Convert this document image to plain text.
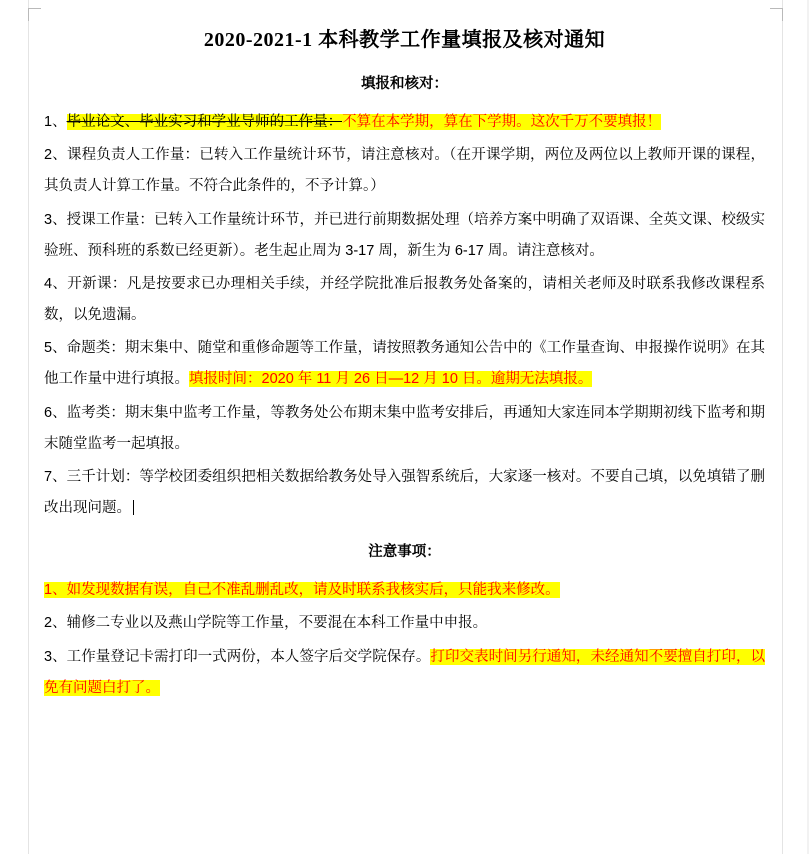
2020-2021-1 本科教学工作量填报及核对通知
填报和核对：

1、毕业论文、毕业实习和学业导师的工作量：不算在本学期，算在下学期。这次千万不要填报！

2、课程负责人工作量：已转入工作量统计环节，请注意核对。（在开课学期，两位及两位以上教师开课的课程，其负责人计算工作量。不符合此条件的，不予计算。）

3、授课工作量：已转入工作量统计环节，并已进行前期数据处理（培养方案中明确了双语课、全英文课、校级实验班、预科班的系数已经更新）。老生起止周为 3-17 周，新生为 6-17 周。请注意核对。

4、开新课：凡是按要求已办理相关手续，并经学院批准后报教务处备案的，请相关老师及时联系我修改课程系数，以免遗漏。

5、命题类：期末集中、随堂和重修命题等工作量，请按照教务通知公告中的《工作量查询、申报操作说明》在其他工作量中进行填报。填报时间：2020 年 11 月 26 日—12 月 10 日。逾期无法填报。

6、监考类：期末集中监考工作量，等教务处公布期末集中监考安排后，再通知大家连同本学期期初线下监考和期末随堂监考一起填报。

7、三千计划：等学校团委组织把相关数据给教务处导入强智系统后，大家逐一核对。不要自己填，以免填错了删改出现问题。

注意事项：

1、如发现数据有误，自己不准乱删乱改，请及时联系我核实后，只能我来修改。

2、辅修二专业以及燕山学院等工作量，不要混在本科工作量中申报。

3、工作量登记卡需打印一式两份，本人签字后交学院保存。打印交表时间另行通知，未经通知不要擅自打印，以免有问题白打了。
